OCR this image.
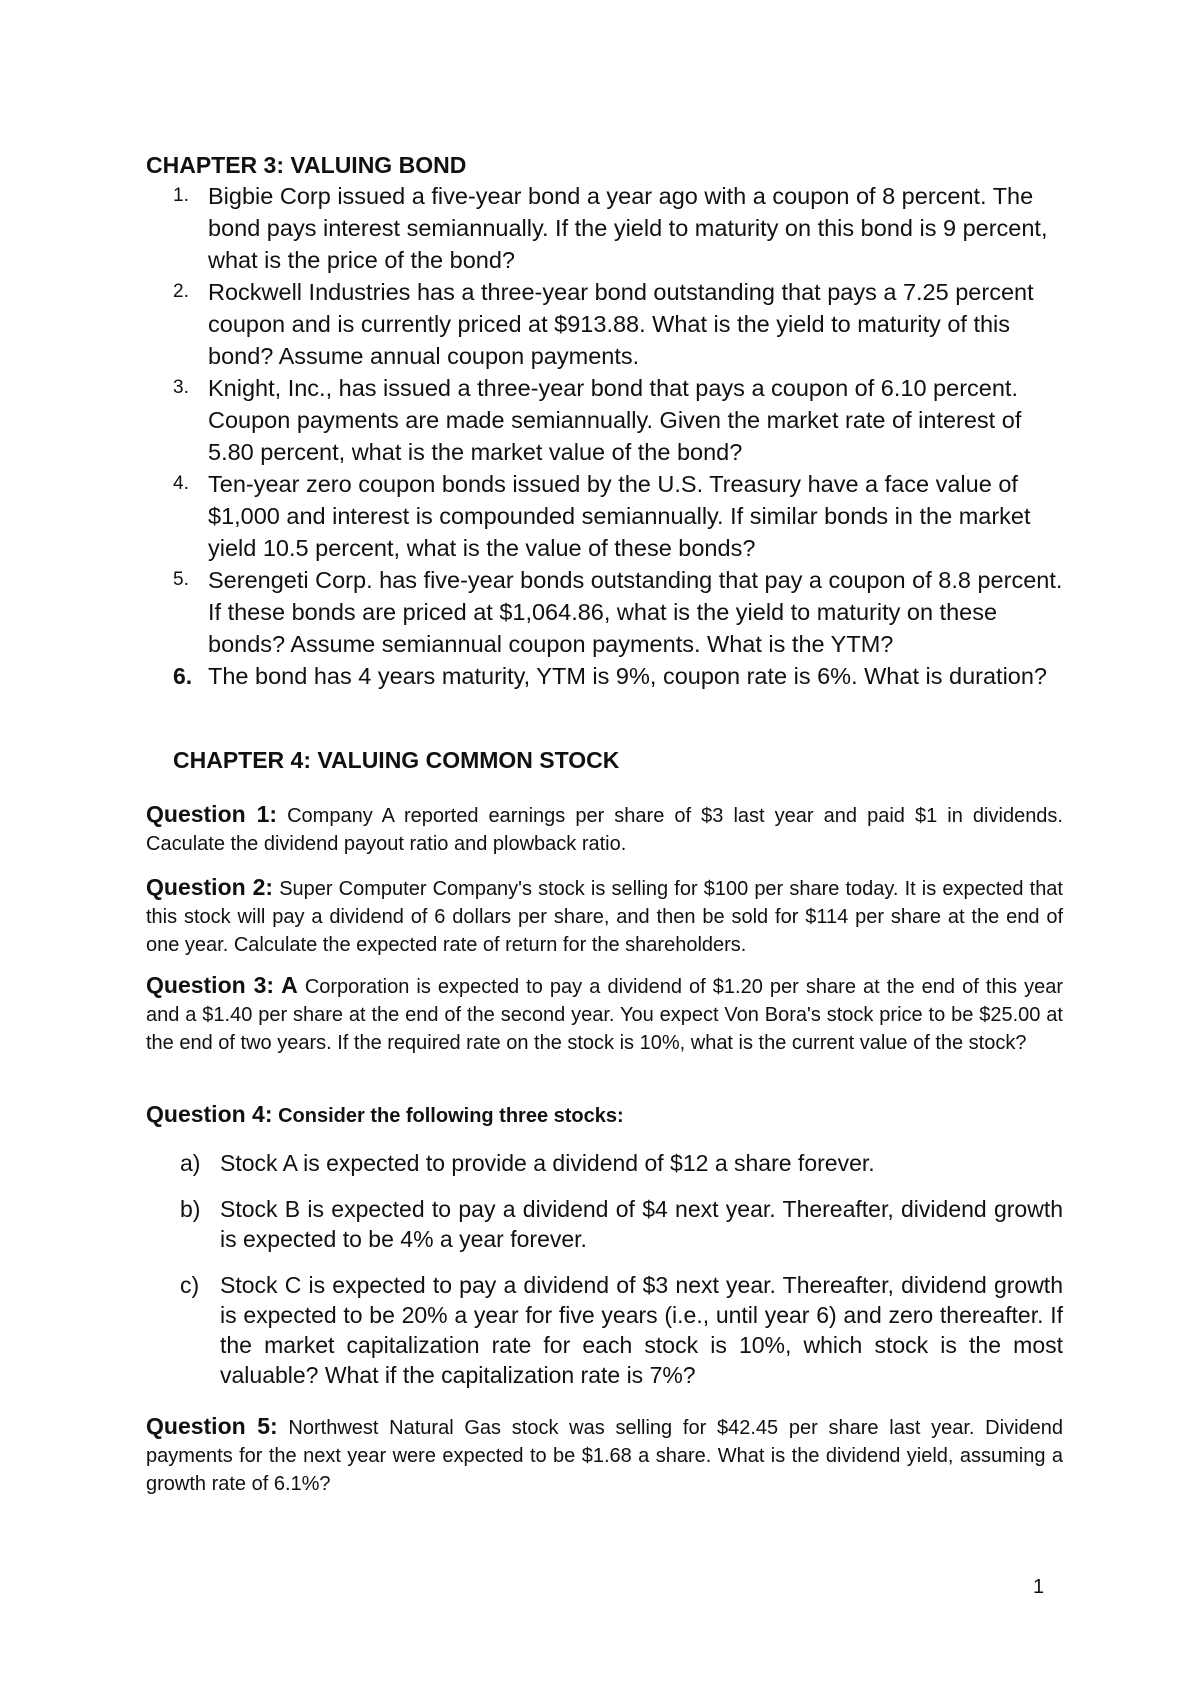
CHAPTER 3: VALUING BOND
1. Bigbie Corp issued a five-year bond a year ago with a coupon of 8 percent. The bond pays interest semiannually. If the yield to maturity on this bond is 9 percent, what is the price of the bond?
2. Rockwell Industries has a three-year bond outstanding that pays a 7.25 percent coupon and is currently priced at $913.88. What is the yield to maturity of this bond? Assume annual coupon payments.
3. Knight, Inc., has issued a three-year bond that pays a coupon of 6.10 percent. Coupon payments are made semiannually. Given the market rate of interest of 5.80 percent, what is the market value of the bond?
4. Ten-year zero coupon bonds issued by the U.S. Treasury have a face value of $1,000 and interest is compounded semiannually. If similar bonds in the market yield 10.5 percent, what is the value of these bonds?
5. Serengeti Corp. has five-year bonds outstanding that pay a coupon of 8.8 percent. If these bonds are priced at $1,064.86, what is the yield to maturity on these bonds? Assume semiannual coupon payments. What is the YTM?
6. The bond has 4 years maturity, YTM is 9%, coupon rate is 6%. What is duration?
CHAPTER 4: VALUING COMMON STOCK
Question 1: Company A reported earnings per share of $3 last year and paid $1 in dividends. Caculate the dividend payout ratio and plowback ratio.
Question 2: Super Computer Company's stock is selling for $100 per share today. It is expected that this stock will pay a dividend of 6 dollars per share, and then be sold for $114 per share at the end of one year. Calculate the expected rate of return for the shareholders.
Question 3: A Corporation is expected to pay a dividend of $1.20 per share at the end of this year and a $1.40 per share at the end of the second year. You expect Von Bora's stock price to be $25.00 at the end of two years. If the required rate on the stock is 10%, what is the current value of the stock?
Question 4: Consider the following three stocks:
a) Stock A is expected to provide a dividend of $12 a share forever.
b) Stock B is expected to pay a dividend of $4 next year. Thereafter, dividend growth is expected to be 4% a year forever.
c) Stock C is expected to pay a dividend of $3 next year. Thereafter, dividend growth is expected to be 20% a year for five years (i.e., until year 6) and zero thereafter. If the market capitalization rate for each stock is 10%, which stock is the most valuable? What if the capitalization rate is 7%?
Question 5: Northwest Natural Gas stock was selling for $42.45 per share last year. Dividend payments for the next year were expected to be $1.68 a share. What is the dividend yield, assuming a growth rate of 6.1%?
1
